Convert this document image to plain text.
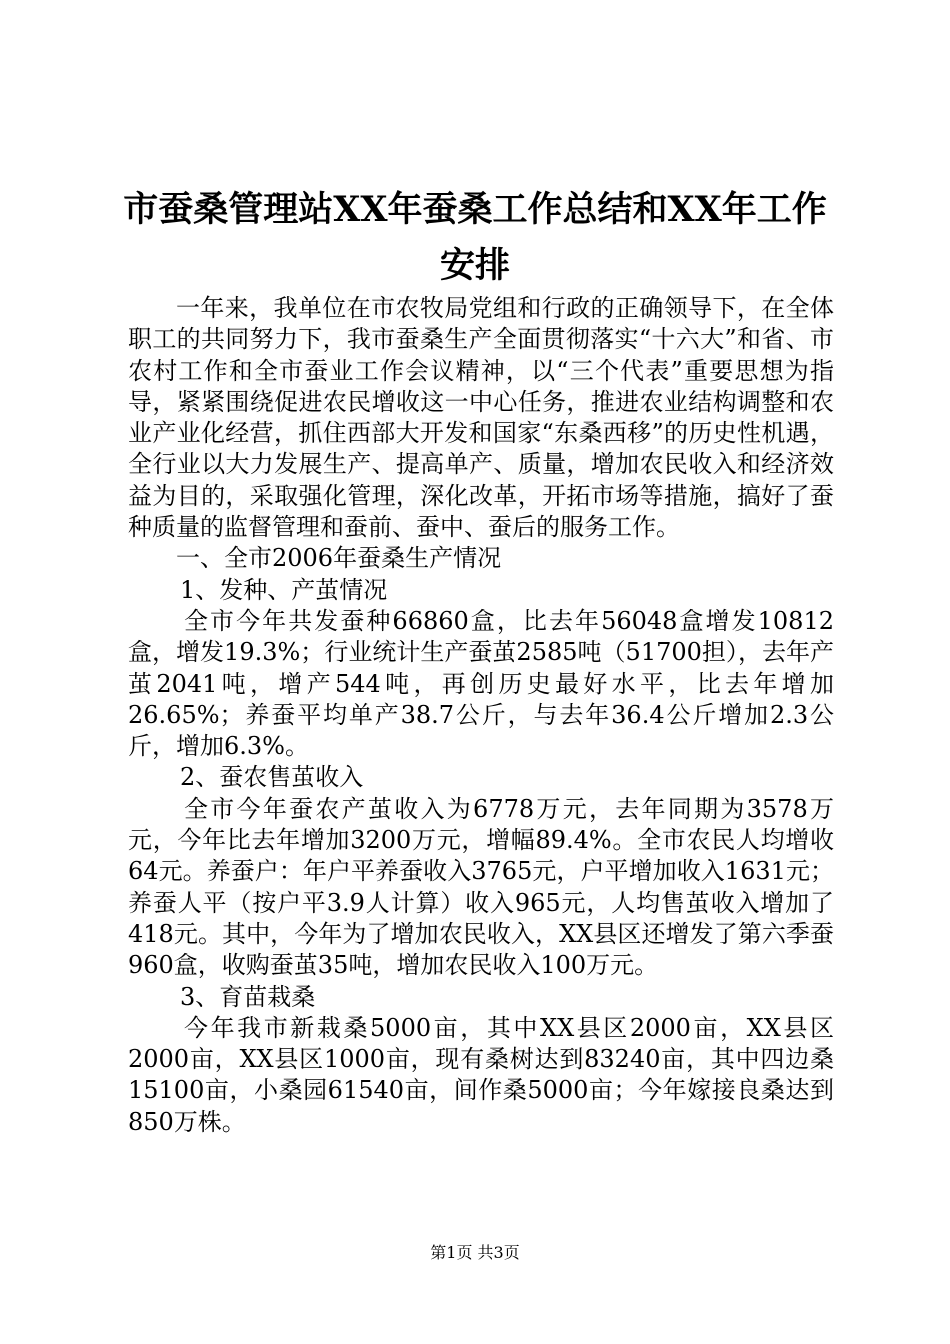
市蚕桑管理站XX年蚕桑工作总结和XX年工作安排

一年来，我单位在市农牧局党组和行政的正确领导下，在全体职工的共同努力下，我市蚕桑生产全面贯彻落实“十六大”和省、市农村工作和全市蚕业工作会议精神，以“三个代表”重要思想为指导，紧紧围绕促进农民增收这一中心任务，推进农业结构调整和农业产业化经营，抓住西部大开发和国家“东桑西移”的历史性机遇，全行业以大力发展生产、提高单产、质量，增加农民收入和经济效益为目的，采取强化管理，深化改革，开拓市场等措施，搞好了蚕种质量的监督管理和蚕前、蚕中、蚕后的服务工作。

一、全市2006年蚕桑生产情况

1、发种、产茧情况

全市今年共发蚕种66860盒，比去年56048盒增发10812盒，增发19.3%；行业统计生产蚕茧2585吨（51700担），去年产茧2041吨，增产544吨，再创历史最好水平，比去年增加26.65%；养蚕平均单产38.7公斤，与去年36.4公斤增加2.3公斤，增加6.3%。

2、蚕农售茧收入

全市今年蚕农产茧收入为6778万元，去年同期为3578万元，今年比去年增加3200万元，增幅89.4%。全市农民人均增收64元。养蚕户：年户平养蚕收入3765元，户平增加收入1631元；养蚕人平（按户平3.9人计算）收入965元，人均售茧收入增加了418元。其中，今年为了增加农民收入，XX县区还增发了第六季蚕960盒，收购蚕茧35吨，增加农民收入100万元。

3、育苗栽桑

今年我市新栽桑5000亩，其中XX县区2000亩，XX县区2000亩，XX县区1000亩，现有桑树达到83240亩，其中四边桑15100亩，小桑园61540亩，间作桑5000亩；今年嫁接良桑达到850万株。

第1页 共3页
